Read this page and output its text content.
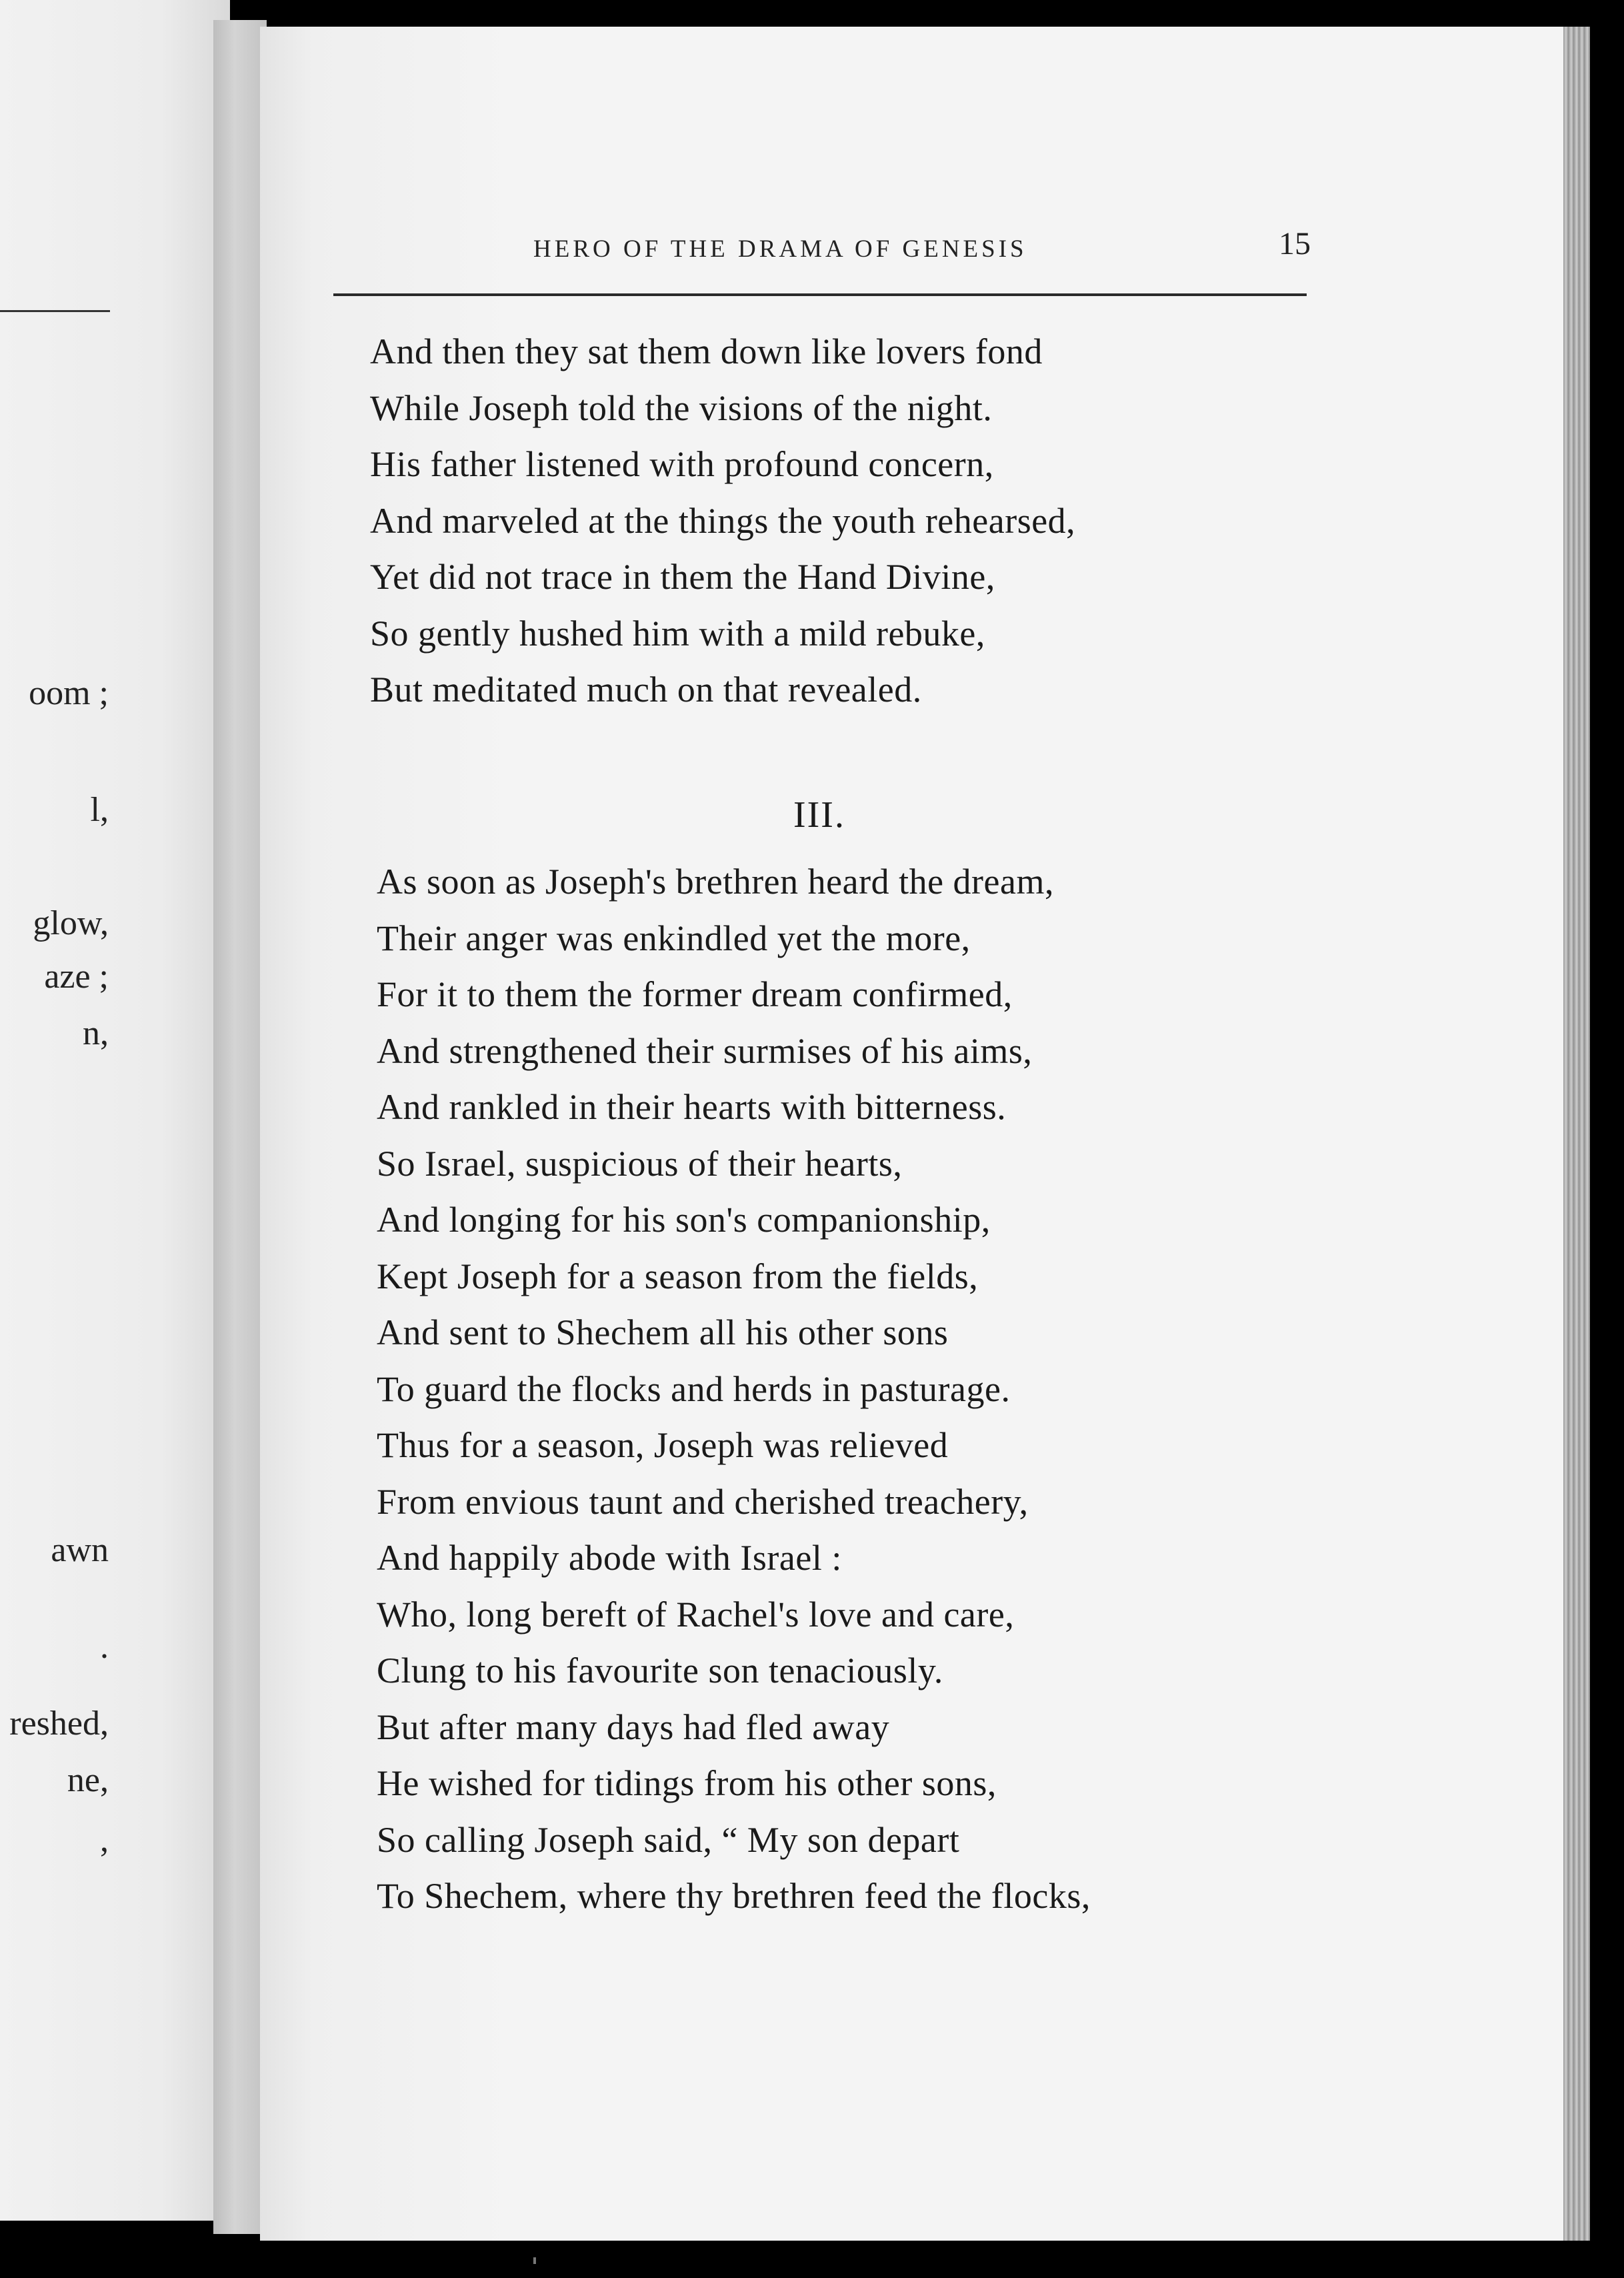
oom ;
l,
glow,
aze ;
n,
awn
.
reshed,
ne,
,
HERO OF THE DRAMA OF GENESIS	15
And then they sat them down like lovers fond
While Joseph told the visions of the night.
His father listened with profound concern,
And marveled at the things the youth rehearsed,
Yet did not trace in them the Hand Divine,
So gently hushed him with a mild rebuke,
But meditated much on that revealed.
III.
As soon as Joseph's brethren heard the dream,
Their anger was enkindled yet the more,
For it to them the former dream confirmed,
And strengthened their surmises of his aims,
And rankled in their hearts with bitterness.
So Israel, suspicious of their hearts,
And longing for his son's companionship,
Kept Joseph for a season from the fields,
And sent to Shechem all his other sons
To guard the flocks and herds in pasturage.
Thus for a season, Joseph was relieved
From envious taunt and cherished treachery,
And happily abode with Israel :
Who, long bereft of Rachel's love and care,
Clung to his favourite son tenaciously.
But after many days had fled away
He wished for tidings from his other sons,
So calling Joseph said, “ My son depart
To Shechem, where thy brethren feed the flocks,
